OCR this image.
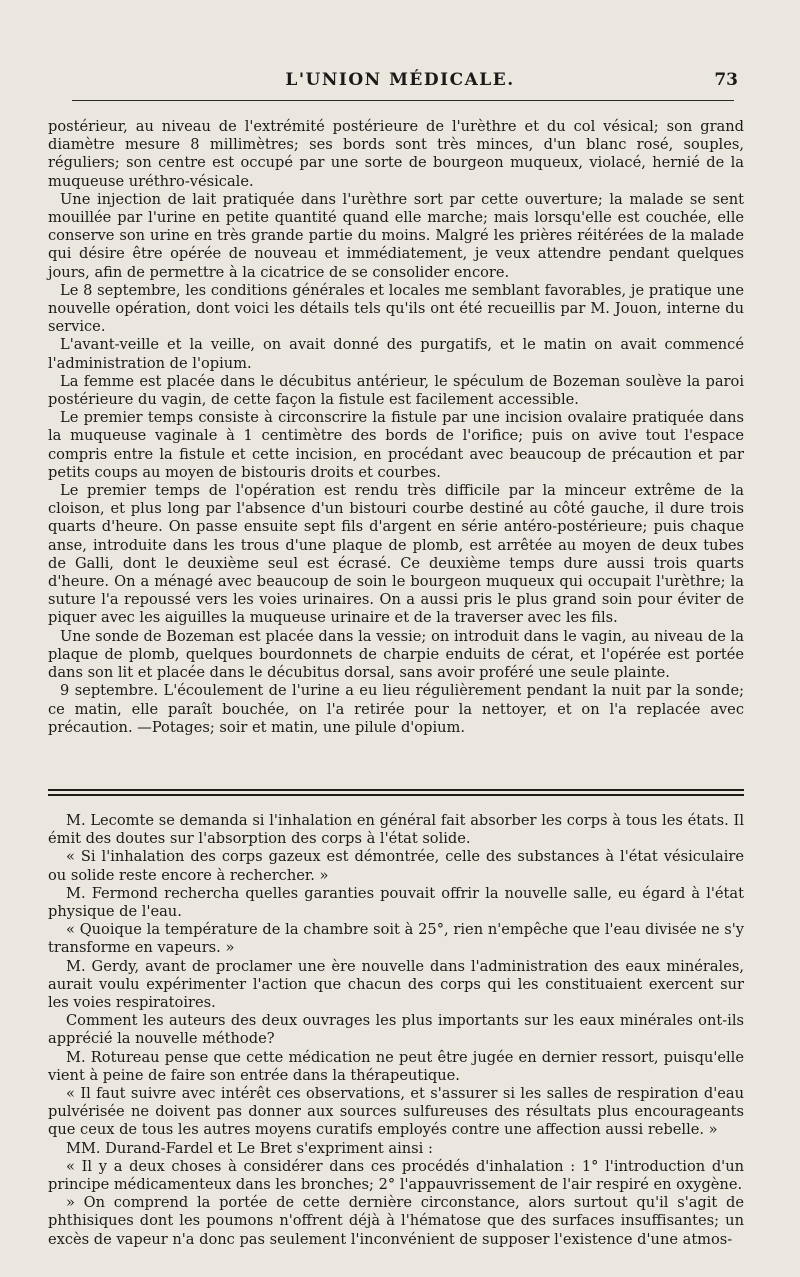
L'UNION MÉDICALE.	73

postérieur, au niveau de l'extrémité postérieure de l'urèthre et du col vésical; son grand diamètre mesure 8 millimètres; ses bords sont très minces, d'un blanc rosé, souples, réguliers; son centre est occupé par une sorte de bourgeon muqueux, violacé, hernié de la muqueuse uréthro-vésicale.

Une injection de lait pratiquée dans l'urèthre sort par cette ouverture; la malade se sent mouillée par l'urine en petite quantité quand elle marche; mais lorsqu'elle est couchée, elle conserve son urine en très grande partie du moins. Malgré les prières réitérées de la malade qui désire être opérée de nouveau et immédiatement, je veux attendre pendant quelques jours, afin de permettre à la cicatrice de se consolider encore.

Le 8 septembre, les conditions générales et locales me semblant favorables, je pratique une nouvelle opération, dont voici les détails tels qu'ils ont été recueillis par M. Jouon, interne du service.

L'avant-veille et la veille, on avait donné des purgatifs, et le matin on avait commencé l'administration de l'opium.

La femme est placée dans le décubitus antérieur, le spéculum de Bozeman soulève la paroi postérieure du vagin, de cette façon la fistule est facilement accessible.

Le premier temps consiste à circonscrire la fistule par une incision ovalaire pratiquée dans la muqueuse vaginale à 1 centimètre des bords de l'orifice; puis on avive tout l'espace compris entre la fistule et cette incision, en procédant avec beaucoup de précaution et par petits coups au moyen de bistouris droits et courbes.

Le premier temps de l'opération est rendu très difficile par la minceur extrême de la cloison, et plus long par l'absence d'un bistouri courbe destiné au côté gauche, il dure trois quarts d'heure. On passe ensuite sept fils d'argent en série antéro-postérieure; puis chaque anse, introduite dans les trous d'une plaque de plomb, est arrêtée au moyen de deux tubes de Galli, dont le deuxième seul est écrasé. Ce deuxième temps dure aussi trois quarts d'heure. On a ménagé avec beaucoup de soin le bourgeon muqueux qui occupait l'urèthre; la suture l'a repoussé vers les voies urinaires. On a aussi pris le plus grand soin pour éviter de piquer avec les aiguilles la muqueuse urinaire et de la traverser avec les fils.

Une sonde de Bozeman est placée dans la vessie; on introduit dans le vagin, au niveau de la plaque de plomb, quelques bourdonnets de charpie enduits de cérat, et l'opérée est portée dans son lit et placée dans le décubitus dorsal, sans avoir proféré une seule plainte.

9 septembre. L'écoulement de l'urine a eu lieu régulièrement pendant la nuit par la sonde; ce matin, elle paraît bouchée, on l'a retirée pour la nettoyer, et on l'a replacée avec précaution. —Potages; soir et matin, une pilule d'opium.

M. Lecomte se demanda si l'inhalation en général fait absorber les corps à tous les états. Il émit des doutes sur l'absorption des corps à l'état solide.

« Si l'inhalation des corps gazeux est démontrée, celle des substances à l'état vésiculaire ou solide reste encore à rechercher. »

M. Fermond rechercha quelles garanties pouvait offrir la nouvelle salle, eu égard à l'état physique de l'eau.

« Quoique la température de la chambre soit à 25°, rien n'empêche que l'eau divisée ne s'y transforme en vapeurs. »

M. Gerdy, avant de proclamer une ère nouvelle dans l'administration des eaux minérales, aurait voulu expérimenter l'action que chacun des corps qui les constituaient exercent sur les voies respiratoires.

Comment les auteurs des deux ouvrages les plus importants sur les eaux minérales ont-ils apprécié la nouvelle méthode?

M. Rotureau pense que cette médication ne peut être jugée en dernier ressort, puisqu'elle vient à peine de faire son entrée dans la thérapeutique.

« Il faut suivre avec intérêt ces observations, et s'assurer si les salles de respiration d'eau pulvérisée ne doivent pas donner aux sources sulfureuses des résultats plus encourageants que ceux de tous les autres moyens curatifs employés contre une affection aussi rebelle. »

MM. Durand-Fardel et Le Bret s'expriment ainsi :

« Il y a deux choses à considérer dans ces procédés d'inhalation : 1° l'introduction d'un principe médicamenteux dans les bronches; 2° l'appauvrissement de l'air respiré en oxygène.

» On comprend la portée de cette dernière circonstance, alors surtout qu'il s'agit de phthisiques dont les poumons n'offrent déjà à l'hématose que des surfaces insuffisantes; un excès de vapeur n'a donc pas seulement l'inconvénient de supposer l'existence d'une atmos-
